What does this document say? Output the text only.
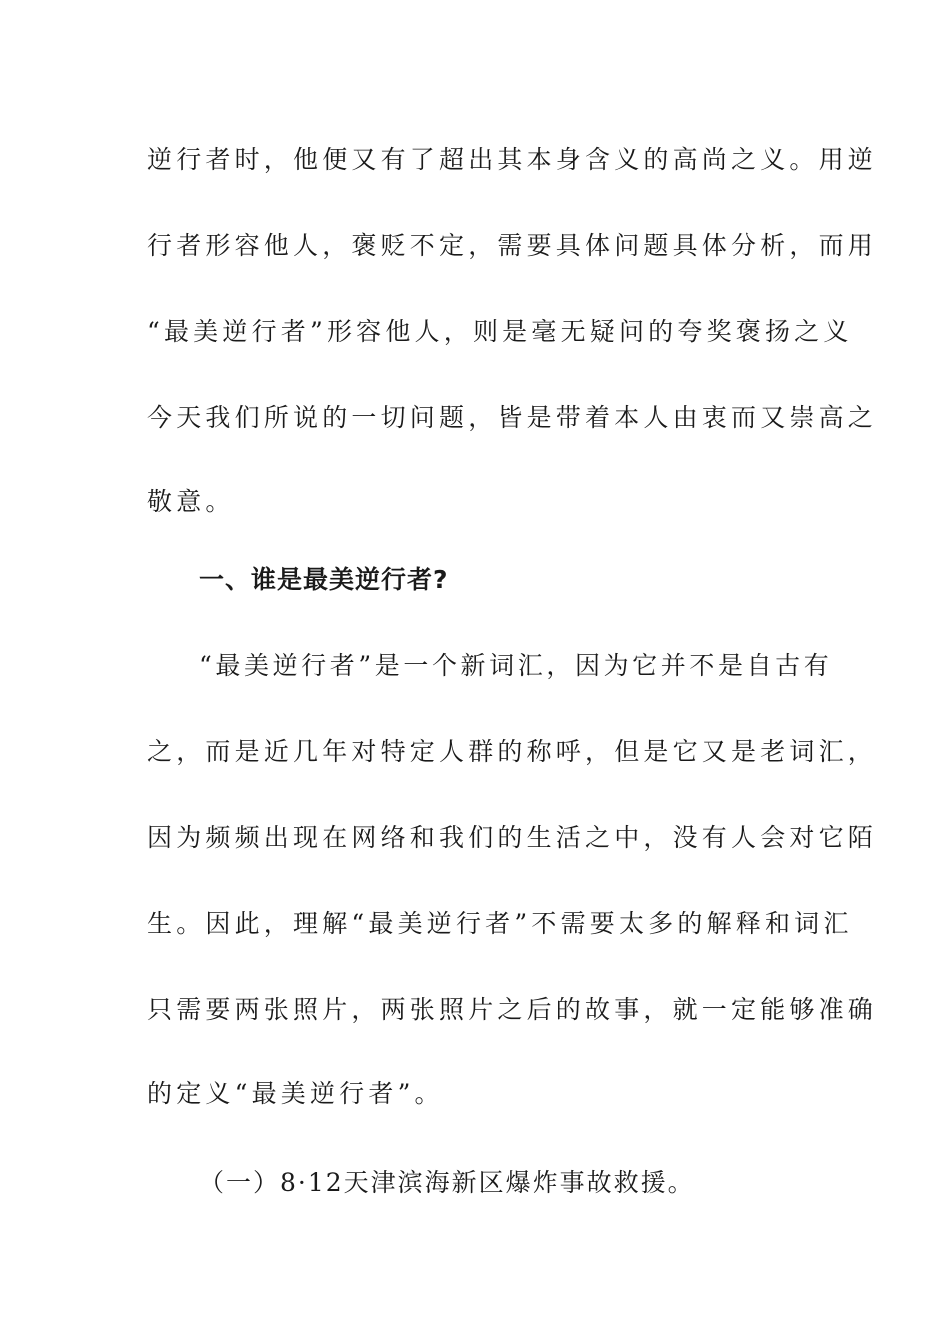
逆行者时，他便又有了超出其本身含义的高尚之义。用逆
行者形容他人，褒贬不定，需要具体问题具体分析，而用
“最美逆行者”形容他人，则是毫无疑问的夸奖褒扬之义
今天我们所说的一切问题，皆是带着本人由衷而又崇高之
敬意。
一、谁是最美逆行者?
“最美逆行者”是一个新词汇，因为它并不是自古有
之，而是近几年对特定人群的称呼，但是它又是老词汇，
因为频频出现在网络和我们的生活之中，没有人会对它陌
生。因此，理解“最美逆行者”不需要太多的解释和词汇
只需要两张照片，两张照片之后的故事，就一定能够准确
的定义“最美逆行者”。
（一）8·12天津滨海新区爆炸事故救援。
